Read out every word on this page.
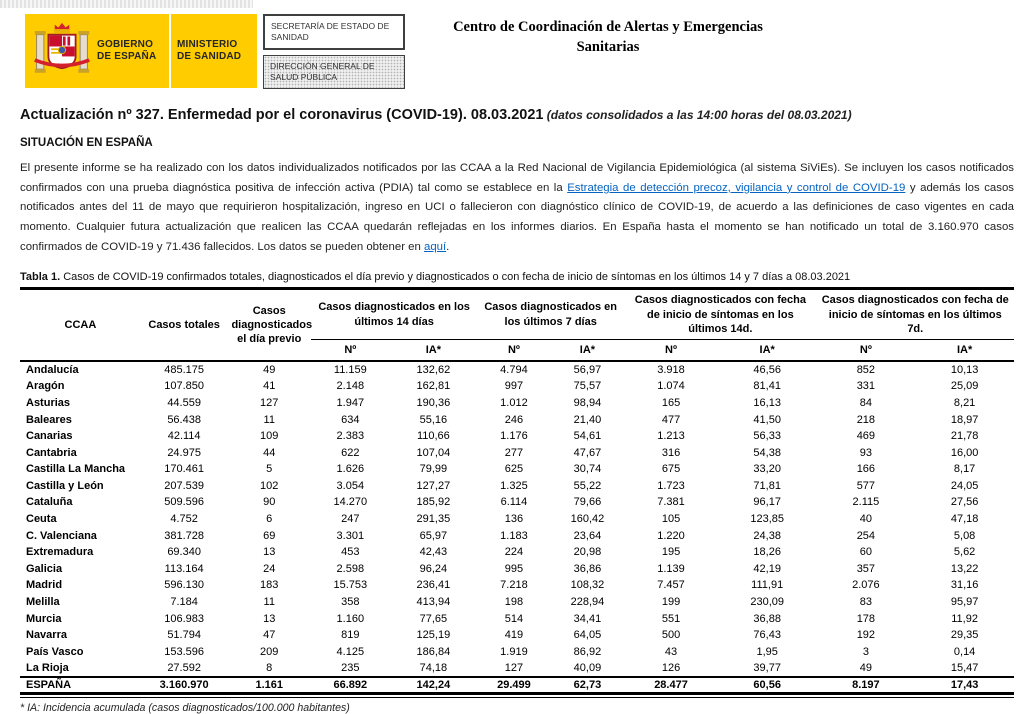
GOBIERNO DE ESPAÑA
MINISTERIO DE SANIDAD
SECRETARÍA DE ESTADO DE SANIDAD
DIRECCIÓN GENERAL DE SALUD PÚBLICA
Centro de Coordinación de Alertas y Emergencias Sanitarias
Actualización nº 327. Enfermedad por el coronavirus (COVID-19). 08.03.2021 (datos consolidados a las 14:00 horas del 08.03.2021)
SITUACIÓN EN ESPAÑA

El presente informe se ha realizado con los datos individualizados notificados por las CCAA a la Red Nacional de Vigilancia Epidemiológica (al sistema SiViEs). Se incluyen los casos notificados confirmados con una prueba diagnóstica positiva de infección activa (PDIA) tal como se establece en la Estrategia de detección precoz, vigilancia y control de COVID-19 y además los casos notificados antes del 11 de mayo que requirieron hospitalización, ingreso en UCI o fallecieron con diagnóstico clínico de COVID-19, de acuerdo a las definiciones de caso vigentes en cada momento. Cualquier futura actualización que realicen las CCAA quedarán reflejadas en los informes diarios. En España hasta el momento se han notificado un total de 3.160.970 casos confirmados de COVID-19 y 71.436 fallecidos. Los datos se pueden obtener en aquí.

Tabla 1. Casos de COVID-19 confirmados totales, diagnosticados el día previo y diagnosticados o con fecha de inicio de síntomas en los últimos 14 y 7 días a 08.03.2021
CCAA	Casos totales	Casos diagnosticados el día previo	Casos diagnosticados en los últimos 14 días		Casos diagnosticados en los últimos 7 días		Casos diagnosticados con fecha de inicio de síntomas en los últimos 14d.		Casos diagnosticados con fecha de inicio de síntomas en los últimos 7d.	
			Nº	IA*	Nº	IA*	Nº	IA*	Nº	IA*
Andalucía	485.175	49	11.159	132,62	4.794	56,97	3.918	46,56	852	10,13
Aragón	107.850	41	2.148	162,81	997	75,57	1.074	81,41	331	25,09
Asturias	44.559	127	1.947	190,36	1.012	98,94	165	16,13	84	8,21
Baleares	56.438	11	634	55,16	246	21,40	477	41,50	218	18,97
Canarias	42.114	109	2.383	110,66	1.176	54,61	1.213	56,33	469	21,78
Cantabria	24.975	44	622	107,04	277	47,67	316	54,38	93	16,00
Castilla La Mancha	170.461	5	1.626	79,99	625	30,74	675	33,20	166	8,17
Castilla y León	207.539	102	3.054	127,27	1.325	55,22	1.723	71,81	577	24,05
Cataluña	509.596	90	14.270	185,92	6.114	79,66	7.381	96,17	2.115	27,56
Ceuta	4.752	6	247	291,35	136	160,42	105	123,85	40	47,18
C. Valenciana	381.728	69	3.301	65,97	1.183	23,64	1.220	24,38	254	5,08
Extremadura	69.340	13	453	42,43	224	20,98	195	18,26	60	5,62
Galicia	113.164	24	2.598	96,24	995	36,86	1.139	42,19	357	13,22
Madrid	596.130	183	15.753	236,41	7.218	108,32	7.457	111,91	2.076	31,16
Melilla	7.184	11	358	413,94	198	228,94	199	230,09	83	95,97
Murcia	106.983	13	1.160	77,65	514	34,41	551	36,88	178	11,92
Navarra	51.794	47	819	125,19	419	64,05	500	76,43	192	29,35
País Vasco	153.596	209	4.125	186,84	1.919	86,92	43	1,95	3	0,14
La Rioja	27.592	8	235	74,18	127	40,09	126	39,77	49	15,47
ESPAÑA	3.160.970	1.161	66.892	142,24	29.499	62,73	28.477	60,56	8.197	17,43
* IA: Incidencia acumulada (casos diagnosticados/100.000 habitantes)
